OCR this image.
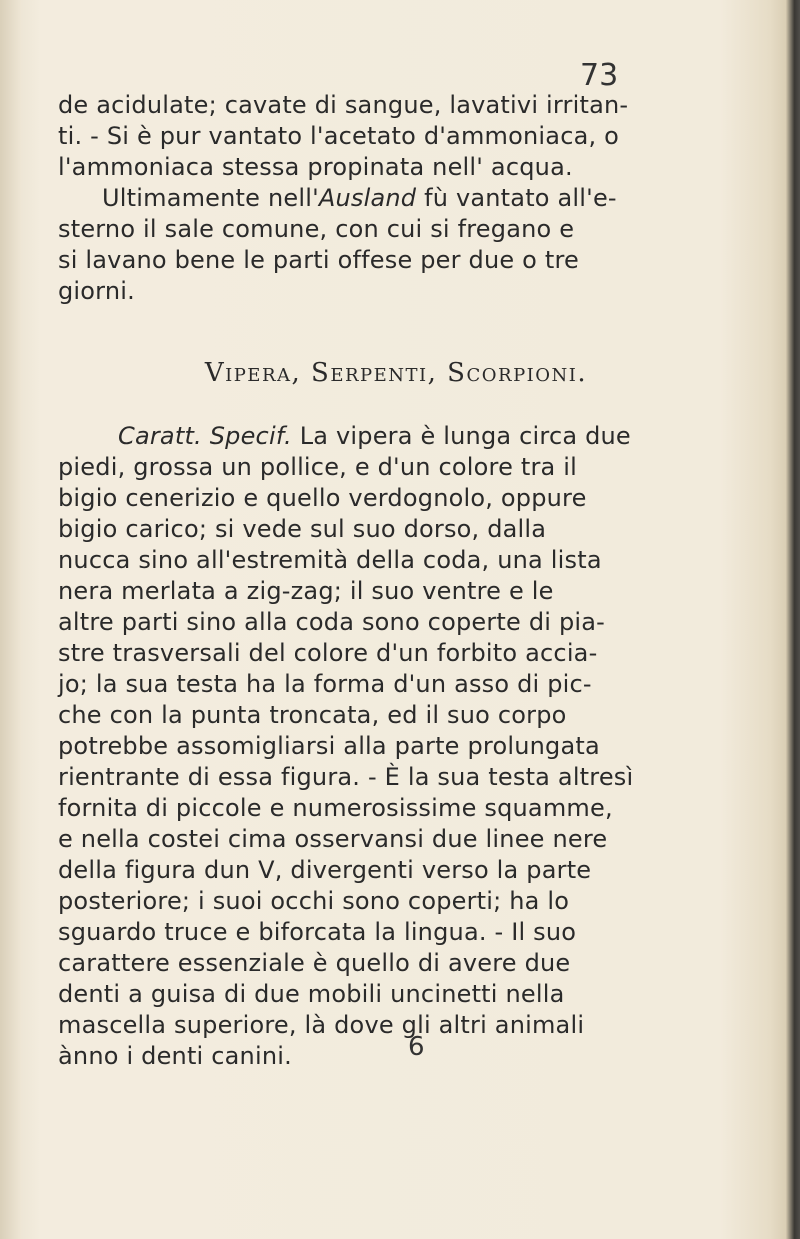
73
de acidulate; cavate di sangue, lavativi irritan-
ti. - Si è pur vantato l'acetato d'ammoniaca, o
l'ammoniaca stessa propinata nell' acqua.
Ultimamente nell'Ausland fù vantato all'e-
sterno il sale comune, con cui si fregano e
si lavano bene le parti offese per due o tre
giorni.
Vipera, Serpenti, Scorpioni.
Caratt. Specif. La vipera è lunga circa due
piedi, grossa un pollice, e d'un colore tra il
bigio cenerizio e quello verdognolo, oppure
bigio carico; si vede sul suo dorso, dalla
nucca sino all'estremità della coda, una lista
nera merlata a zig-zag; il suo ventre e le
altre parti sino alla coda sono coperte di pia-
stre trasversali del colore d'un forbito accia-
jo; la sua testa ha la forma d'un asso di pic-
che con la punta troncata, ed il suo corpo
potrebbe assomigliarsi alla parte prolungata
rientrante di essa figura. - È la sua testa altresì
fornita di piccole e numerosissime squamme,
e nella costei cima osservansi due linee nere
della figura dun V, divergenti verso la parte
posteriore; i suoi occhi sono coperti; ha lo
sguardo truce e biforcata la lingua. - Il suo
carattere essenziale è quello di avere due
denti a guisa di due mobili uncinetti nella
mascella superiore, là dove gli altri animali
ànno i denti canini.	6
